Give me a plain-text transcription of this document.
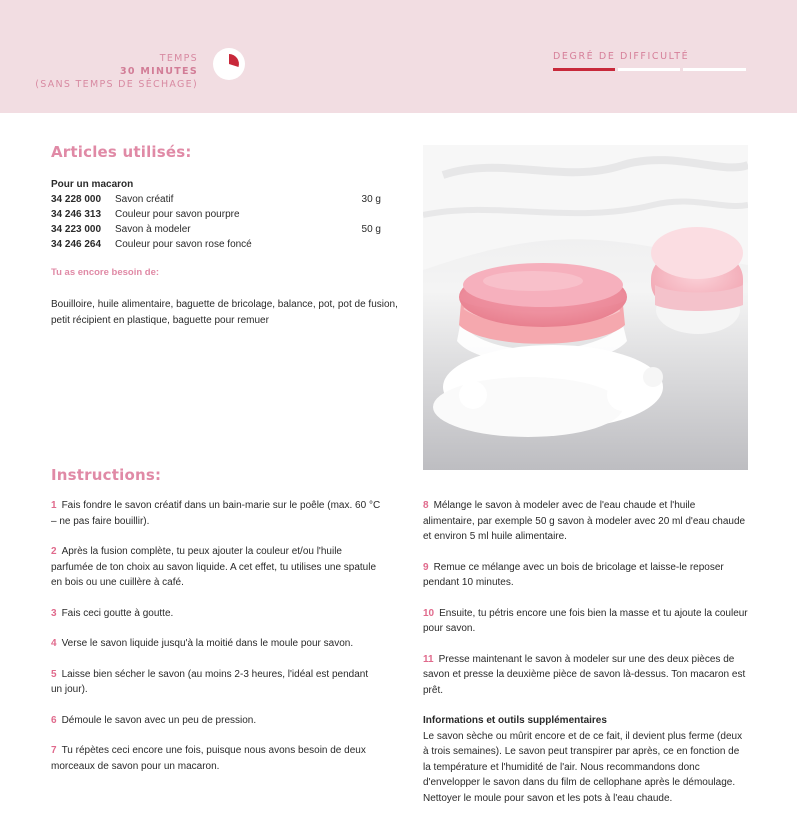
TEMPS
30 MINUTES
(SANS TEMPS DE SÉCHAGE)
DEGRÉ DE DIFFICULTÉ
Articles utilisés:
Pour un macaron
34 228 000	Savon créatif	30 g
34 246 313	Couleur pour savon pourpre
34 223 000	Savon à modeler	50 g
34 246 264	Couleur pour savon rose foncé
Tu as encore besoin de:
Bouilloire, huile alimentaire, baguette de bricolage, balance, pot, pot de fusion, petit récipient en plastique, baguette pour remuer
Instructions:
1 Fais fondre le savon créatif dans un bain-marie sur le poêle (max. 60 °C – ne pas faire bouillir).
2 Après la fusion complète, tu peux ajouter la couleur et/ou l'huile parfumée de ton choix au savon liquide. A cet effet, tu utilises une spatule en bois ou une cuillère à café.
3 Fais ceci goutte à goutte.
4 Verse le savon liquide jusqu'à la moitié dans le moule pour savon.
5 Laisse bien sécher le savon (au moins 2-3 heures, l'idéal est pendant un jour).
6 Démoule le savon avec un peu de pression.
7 Tu répètes ceci encore une fois, puisque nous avons besoin de deux morceaux de savon pour un macaron.
8 Mélange le savon à modeler avec de l'eau chaude et l'huile alimentaire, par exemple 50 g savon à modeler avec 20 ml d'eau chaude et environ 5 ml huile alimentaire.
9 Remue ce mélange avec un bois de bricolage et laisse-le reposer pendant 10 minutes.
10 Ensuite, tu pétris encore une fois bien la masse et tu ajoute la couleur pour savon.
11 Presse maintenant le savon à modeler sur une des deux pièces de savon et presse la deuxième pièce de savon là-dessus. Ton macaron est prêt.
Informations et outils supplémentaires
Le savon sèche ou mûrit encore et de ce fait, il devient plus ferme (deux à trois semaines). Le savon peut transpirer par après, ce en fonction de la température et l'humidité de l'air. Nous recommandons donc d'envelopper le savon dans du film de cellophane après le démoulage. Nettoyer le moule pour savon et les pots à l'eau chaude.
